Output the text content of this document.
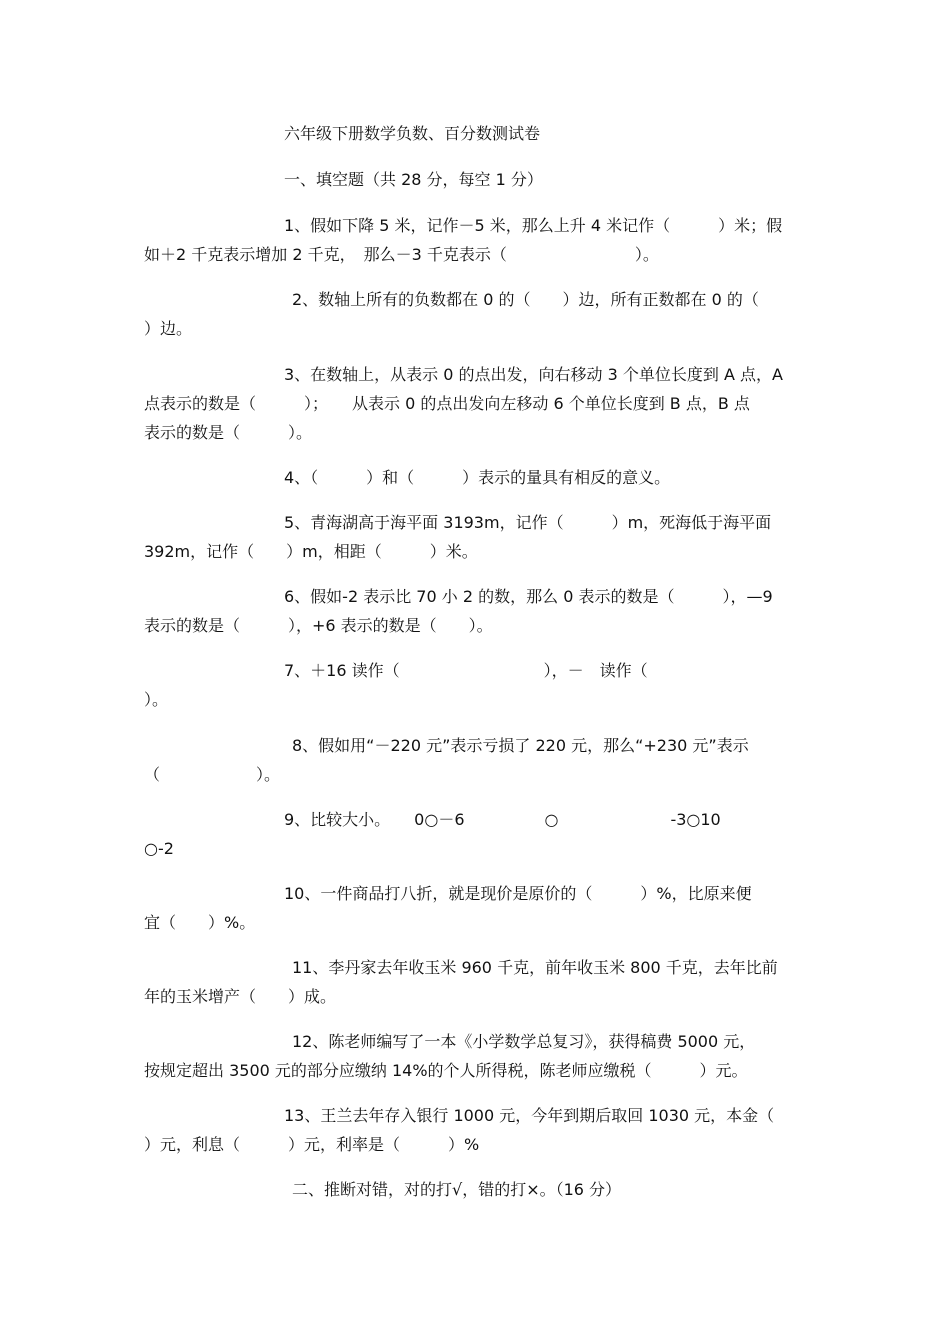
六年级下册数学负数、百分数测试卷
一、填空题（共 28 分，每空 1 分）
1、假如下降 5 米，记作－5 米，那么上升 4 米记作（　　　）米；假
如＋2 千克表示增加 2 千克，　那么－3 千克表示（　　　　　　　　）。
2、数轴上所有的负数都在 0 的（　　）边，所有正数都在 0 的（
）边。
3、在数轴上，从表示 0 的点出发，向右移动 3 个单位长度到 A 点，A
点表示的数是（　　　）；　　从表示 0 的点出发向左移动 6 个单位长度到 B 点，B 点
表示的数是（　　　）。
4、（　　　）和（　　　）表示的量具有相反的意义。
5、青海湖高于海平面 3193m，记作（　　　）m，死海低于海平面
392m，记作（　　）m，相距（　　　）米。
6、假如-2 表示比 70 小 2 的数，那么 0 表示的数是（　　　），—9
表示的数是（　　　），+6 表示的数是（　　）。
7、＋16 读作（　　　　　　　　　），－　读作（
）。
8、假如用“－220 元”表示亏损了 220 元，那么“+230 元”表示
（　　　　　　）。
9、比较大小。　　0○－6　　　　　○　　　　　　　-3○10
○-2
10、一件商品打八折，就是现价是原价的（　　　）%，比原来便
宜（　　）%。
11、李丹家去年收玉米 960 千克，前年收玉米 800 千克，去年比前
年的玉米增产（　　）成。
12、陈老师编写了一本《小学数学总复习》，获得稿费 5000 元，
按规定超出 3500 元的部分应缴纳 14%的个人所得税，陈老师应缴税（　　　）元。
13、王兰去年存入银行 1000 元，今年到期后取回 1030 元，本金（
）元，利息（　　　）元，利率是（　　　）%
二、推断对错，对的打√，错的打×。（16 分）
